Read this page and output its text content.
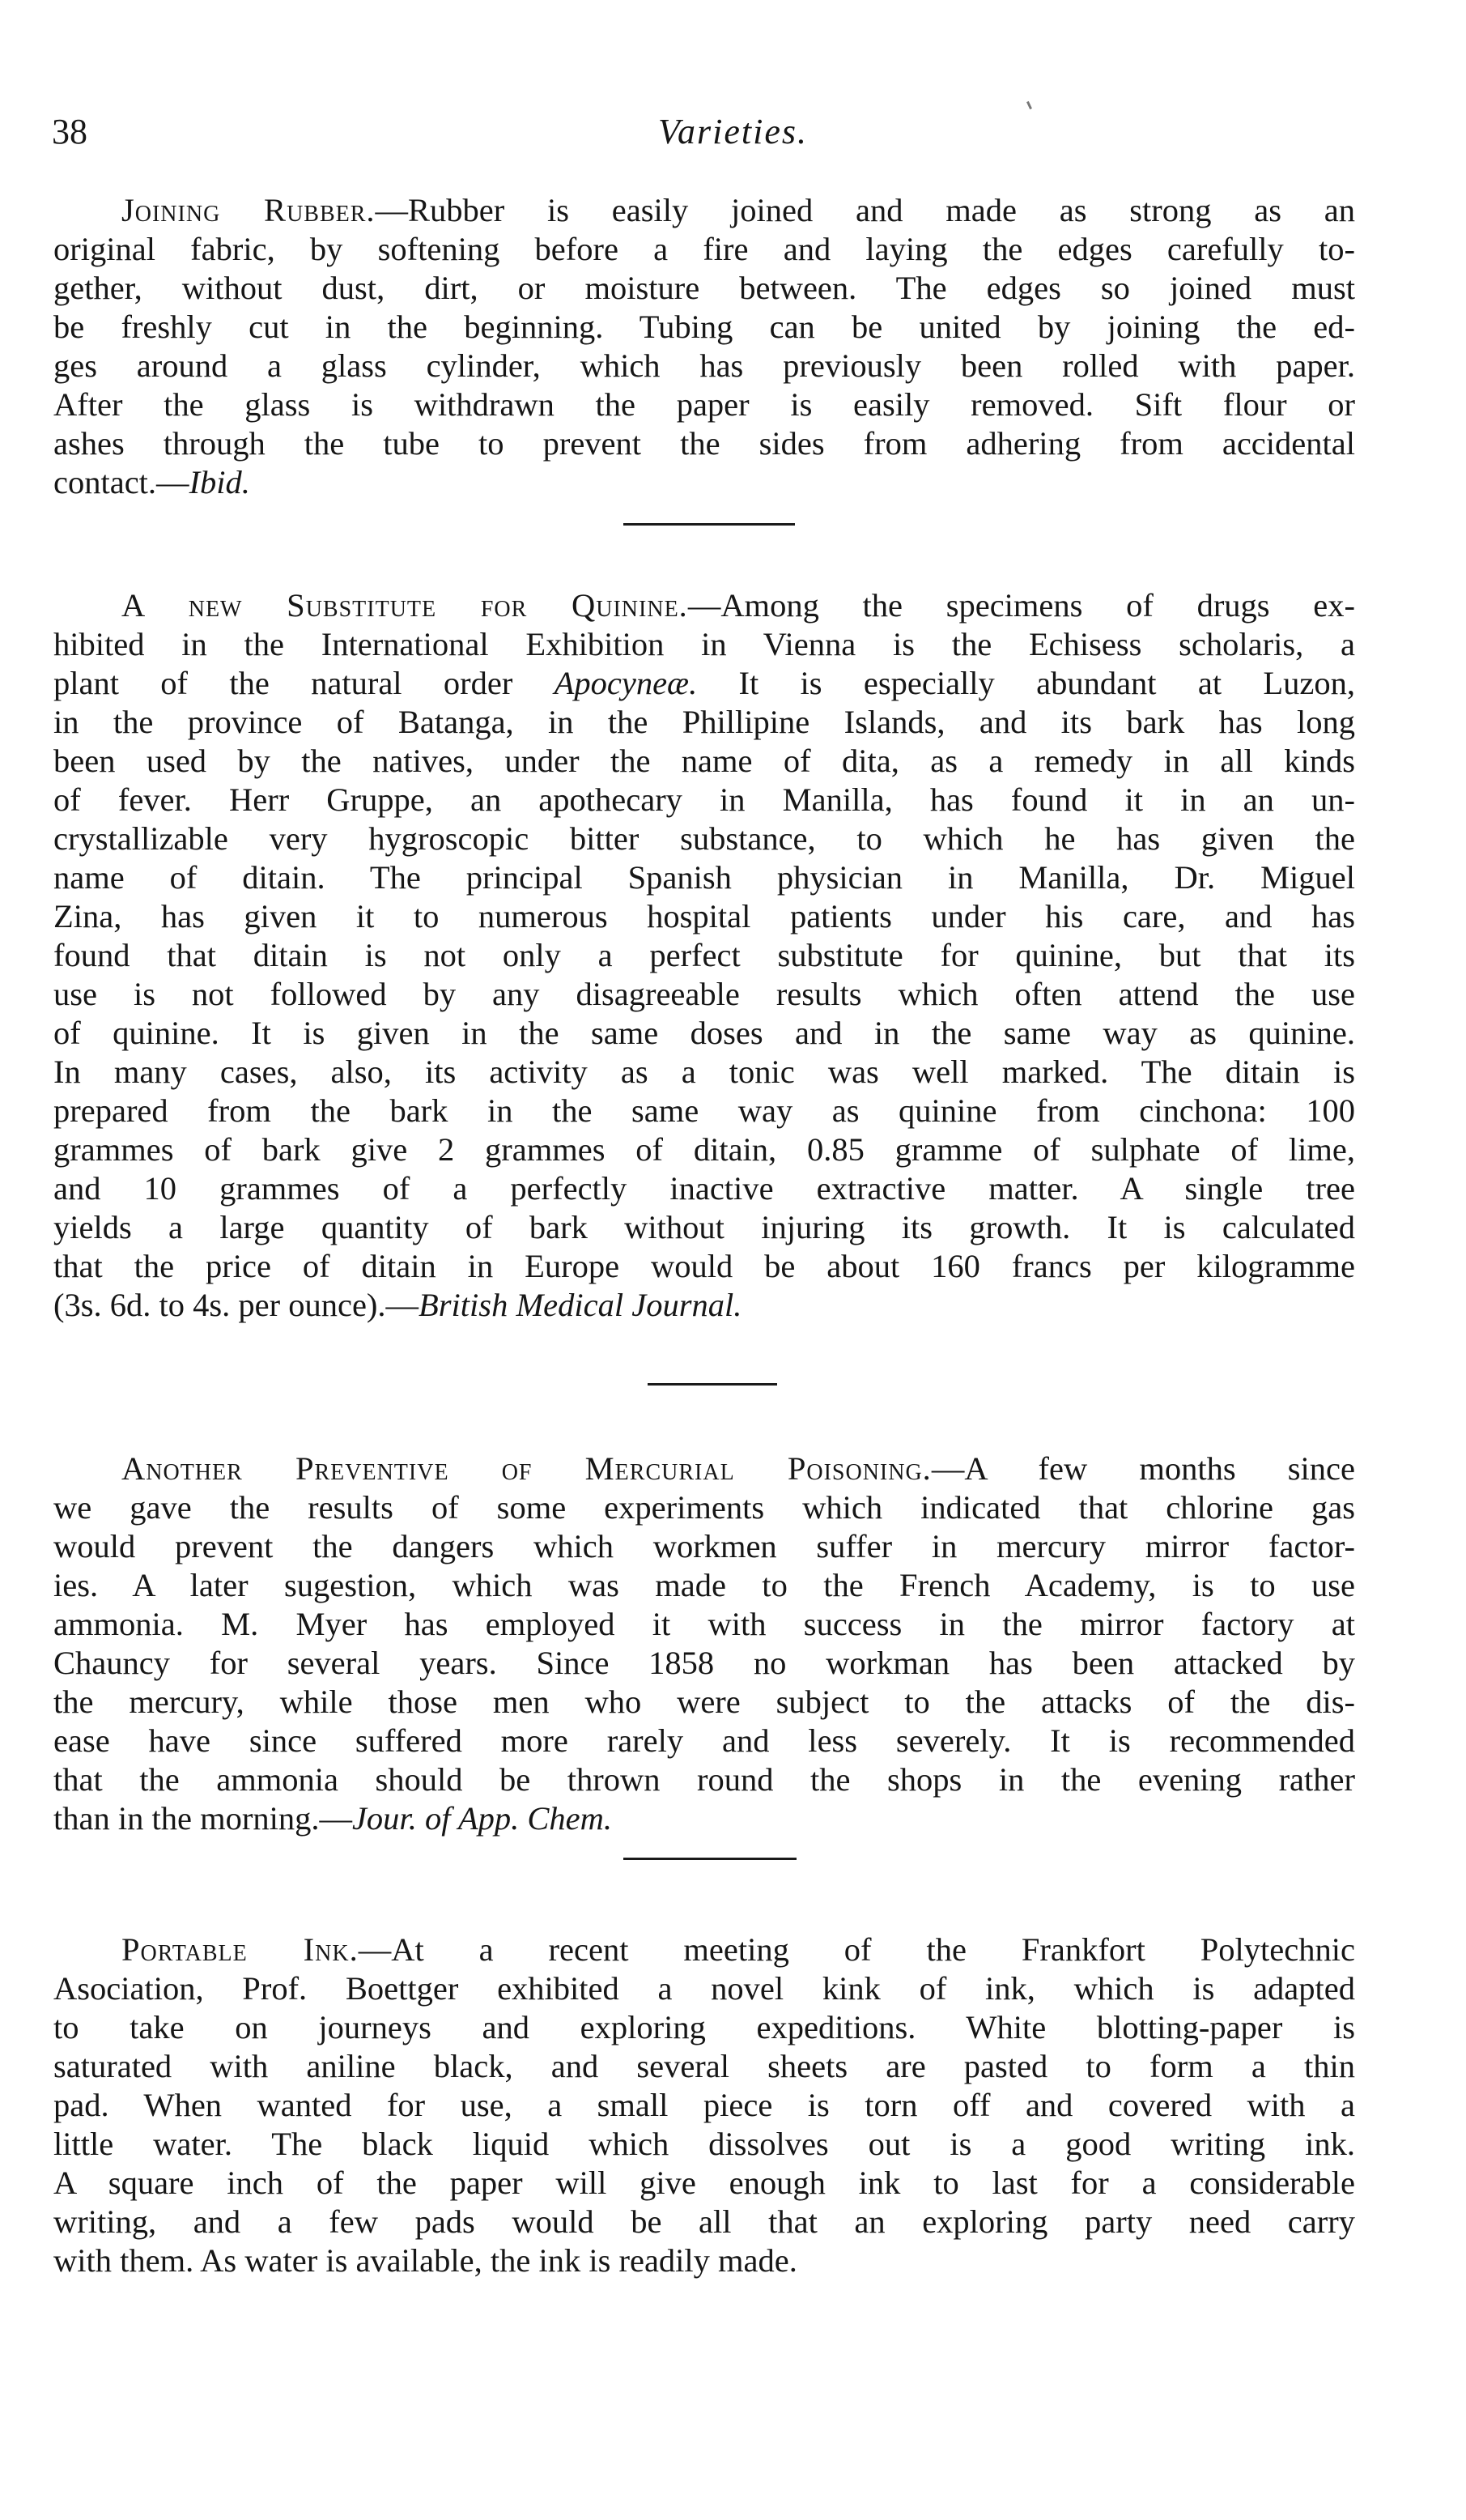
38	Varieties.
Joining Rubber.—Rubber is easily joined and made as strong as an
original fabric, by softening before a fire and laying the edges carefully to-
gether, without dust, dirt, or moisture between. The edges so joined must
be freshly cut in the beginning. Tubing can be united by joining the ed-
ges around a glass cylinder, which has previously been rolled with paper.
After the glass is withdrawn the paper is easily removed. Sift flour or
ashes through the tube to prevent the sides from adhering from accidental
contact.—Ibid.
A new Substitute for Quinine.—Among the specimens of drugs ex-
hibited in the International Exhibition in Vienna is the Echisess scholaris, a
plant of the natural order Apocyneæ. It is especially abundant at Luzon,
in the province of Batanga, in the Phillipine Islands, and its bark has long
been used by the natives, under the name of dita, as a remedy in all kinds
of fever. Herr Gruppe, an apothecary in Manilla, has found it in an un-
crystallizable very hygroscopic bitter substance, to which he has given the
name of ditain. The principal Spanish physician in Manilla, Dr. Miguel
Zina, has given it to numerous hospital patients under his care, and has
found that ditain is not only a perfect substitute for quinine, but that its
use is not followed by any disagreeable results which often attend the use
of quinine. It is given in the same doses and in the same way as quinine.
In many cases, also, its activity as a tonic was well marked. The ditain is
prepared from the bark in the same way as quinine from cinchona: 100
grammes of bark give 2 grammes of ditain, 0.85 gramme of sulphate of lime,
and 10 grammes of a perfectly inactive extractive matter. A single tree
yields a large quantity of bark without injuring its growth. It is calculated
that the price of ditain in Europe would be about 160 francs per kilogramme
(3s. 6d. to 4s. per ounce).—British Medical Journal.
Another Preventive of Mercurial Poisoning.—A few months since
we gave the results of some experiments which indicated that chlorine gas
would prevent the dangers which workmen suffer in mercury mirror factor-
ies. A later sugestion, which was made to the French Academy, is to use
ammonia. M. Myer has employed it with success in the mirror factory at
Chauncy for several years. Since 1858 no workman has been attacked by
the mercury, while those men who were subject to the attacks of the dis-
ease have since suffered more rarely and less severely. It is recommended
that the ammonia should be thrown round the shops in the evening rather
than in the morning.—Jour. of App. Chem.
Portable Ink.—At a recent meeting of the Frankfort Polytechnic
Asociation, Prof. Boettger exhibited a novel kink of ink, which is adapted
to take on journeys and exploring expeditions. White blotting-paper is
saturated with aniline black, and several sheets are pasted to form a thin
pad. When wanted for use, a small piece is torn off and covered with a
little water. The black liquid which dissolves out is a good writing ink.
A square inch of the paper will give enough ink to last for a considerable
writing, and a few pads would be all that an exploring party need carry
with them. As water is available, the ink is readily made.
